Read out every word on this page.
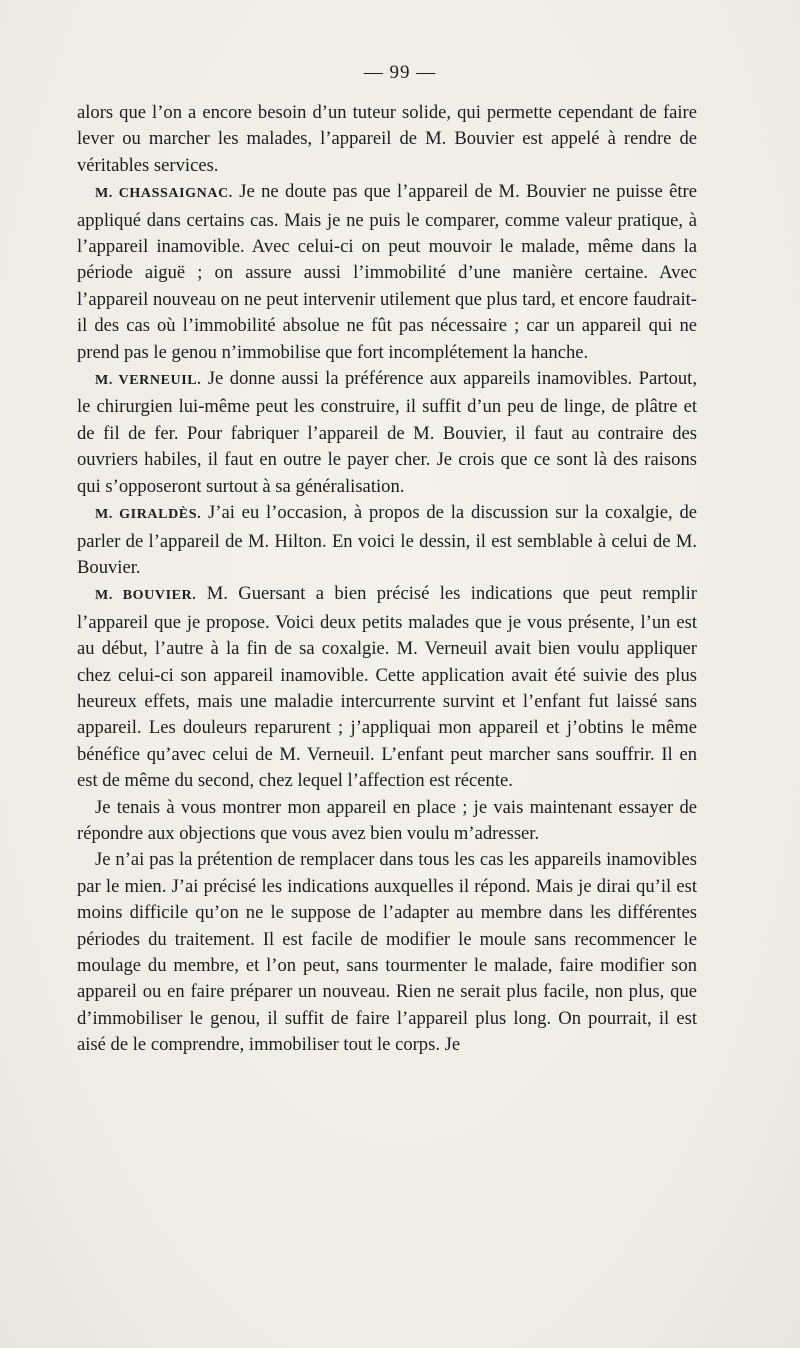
— 99 —

alors que l’on a encore besoin d’un tuteur solide, qui permette cependant de faire lever ou marcher les malades, l’appareil de M. Bouvier est appelé à rendre de véritables services.

M. CHASSAIGNAC. Je ne doute pas que l’appareil de M. Bouvier ne puisse être appliqué dans certains cas. Mais je ne puis le comparer, comme valeur pratique, à l’appareil inamovible. Avec celui-ci on peut mouvoir le malade, même dans la période aiguë ; on assure aussi l’immobilité d’une manière certaine. Avec l’appareil nouveau on ne peut intervenir utilement que plus tard, et encore faudrait-il des cas où l’immobilité absolue ne fût pas nécessaire ; car un appareil qui ne prend pas le genou n’immobilise que fort incomplétement la hanche.

M. VERNEUIL. Je donne aussi la préférence aux appareils inamovibles. Partout, le chirurgien lui-même peut les construire, il suffit d’un peu de linge, de plâtre et de fil de fer. Pour fabriquer l’appareil de M. Bouvier, il faut au contraire des ouvriers habiles, il faut en outre le payer cher. Je crois que ce sont là des raisons qui s’opposeront surtout à sa généralisation.

M. GIRALDÈS. J’ai eu l’occasion, à propos de la discussion sur la coxalgie, de parler de l’appareil de M. Hilton. En voici le dessin, il est semblable à celui de M. Bouvier.

M. BOUVIER. M. Guersant a bien précisé les indications que peut remplir l’appareil que je propose. Voici deux petits malades que je vous présente, l’un est au début, l’autre à la fin de sa coxalgie. M. Verneuil avait bien voulu appliquer chez celui-ci son appareil inamovible. Cette application avait été suivie des plus heureux effets, mais une maladie intercurrente survint et l’enfant fut laissé sans appareil. Les douleurs reparurent ; j’appliquai mon appareil et j’obtins le même bénéfice qu’avec celui de M. Verneuil. L’enfant peut marcher sans souffrir. Il en est de même du second, chez lequel l’affection est récente.

Je tenais à vous montrer mon appareil en place ; je vais maintenant essayer de répondre aux objections que vous avez bien voulu m’adresser.

Je n’ai pas la prétention de remplacer dans tous les cas les appareils inamovibles par le mien. J’ai précisé les indications auxquelles il répond. Mais je dirai qu’il est moins difficile qu’on ne le suppose de l’adapter au membre dans les différentes périodes du traitement. Il est facile de modifier le moule sans recommencer le moulage du membre, et l’on peut, sans tourmenter le malade, faire modifier son appareil ou en faire préparer un nouveau. Rien ne serait plus facile, non plus, que d’immobiliser le genou, il suffit de faire l’appareil plus long. On pourrait, il est aisé de le comprendre, immobiliser tout le corps. Je
